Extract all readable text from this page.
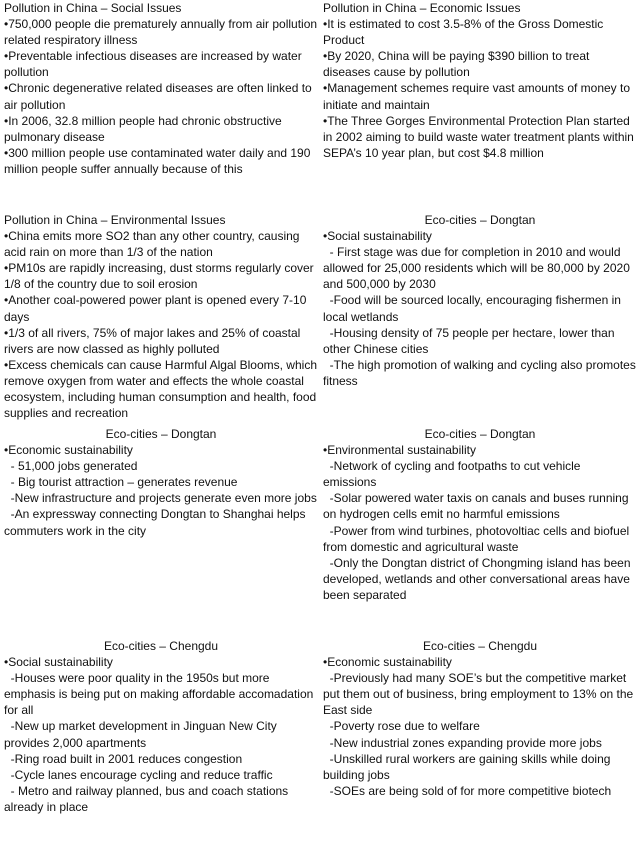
Pollution in China – Social Issues
•750,000 people die prematurely annually from air pollution related respiratory illness
•Preventable infectious diseases are increased by water pollution
•Chronic degenerative related diseases are often linked to air pollution
•In 2006, 32.8 million people had chronic obstructive pulmonary disease
•300 million people use contaminated water daily and 190 million people suffer annually because of this
Pollution in China – Economic Issues
•It is estimated to cost 3.5-8% of the Gross Domestic Product
•By 2020, China will be paying $390 billion to treat diseases cause by pollution
•Management schemes require vast amounts of money to initiate and maintain
•The Three Gorges Environmental Protection Plan started in 2002 aiming to build waste water treatment plants within SEPA’s 10 year plan, but cost $4.8 million
Pollution in China – Environmental Issues
•China emits more SO2 than any other country, causing acid rain on more than 1/3 of the nation
•PM10s are rapidly increasing, dust storms regularly cover 1/8 of the country due to soil erosion
•Another coal-powered power plant is opened every 7-10 days
•1/3 of all rivers, 75% of major lakes and 25% of coastal rivers are now classed as highly polluted
•Excess chemicals can cause Harmful Algal Blooms, which remove oxygen from water and effects the whole coastal ecosystem, including human consumption and health, food supplies and recreation
Eco-cities – Dongtan
•Social sustainability
- First stage was due for completion in 2010 and would allowed for 25,000 residents which will be 80,000 by 2020 and 500,000 by 2030
-Food will be sourced locally, encouraging fishermen in local wetlands
-Housing density of 75 people per hectare, lower than other Chinese cities
-The high promotion of walking and cycling also promotes fitness
Eco-cities – Dongtan
•Economic sustainability
- 51,000 jobs generated
- Big tourist attraction – generates revenue
-New infrastructure and projects generate even more jobs
-An expressway connecting Dongtan to Shanghai helps commuters work in the city
Eco-cities – Dongtan
•Environmental sustainability
-Network of cycling and footpaths to cut vehicle emissions
-Solar powered water taxis on canals and buses running on hydrogen cells emit no harmful emissions
-Power from wind turbines, photovoltiac cells and biofuel from domestic and agricultural waste
-Only the Dongtan district of Chongming island has been developed, wetlands and other conversational areas have been separated
Eco-cities – Chengdu
•Social sustainability
-Houses were poor quality in the 1950s but more emphasis is being put on making affordable accomadation for all
-New up market development in Jinguan New City provides 2,000 apartments
-Ring road built in 2001 reduces congestion
-Cycle lanes encourage cycling and reduce traffic
- Metro and railway planned, bus and coach stations already in place
Eco-cities – Chengdu
•Economic sustainability
-Previously had many SOE’s but the competitive market put them out of business, bring employment to 13% on the East side
-Poverty rose due to welfare
-New industrial zones expanding provide more jobs
-Unskilled rural workers are gaining skills while doing building jobs
-SOEs are being sold of for more competitive biotech
